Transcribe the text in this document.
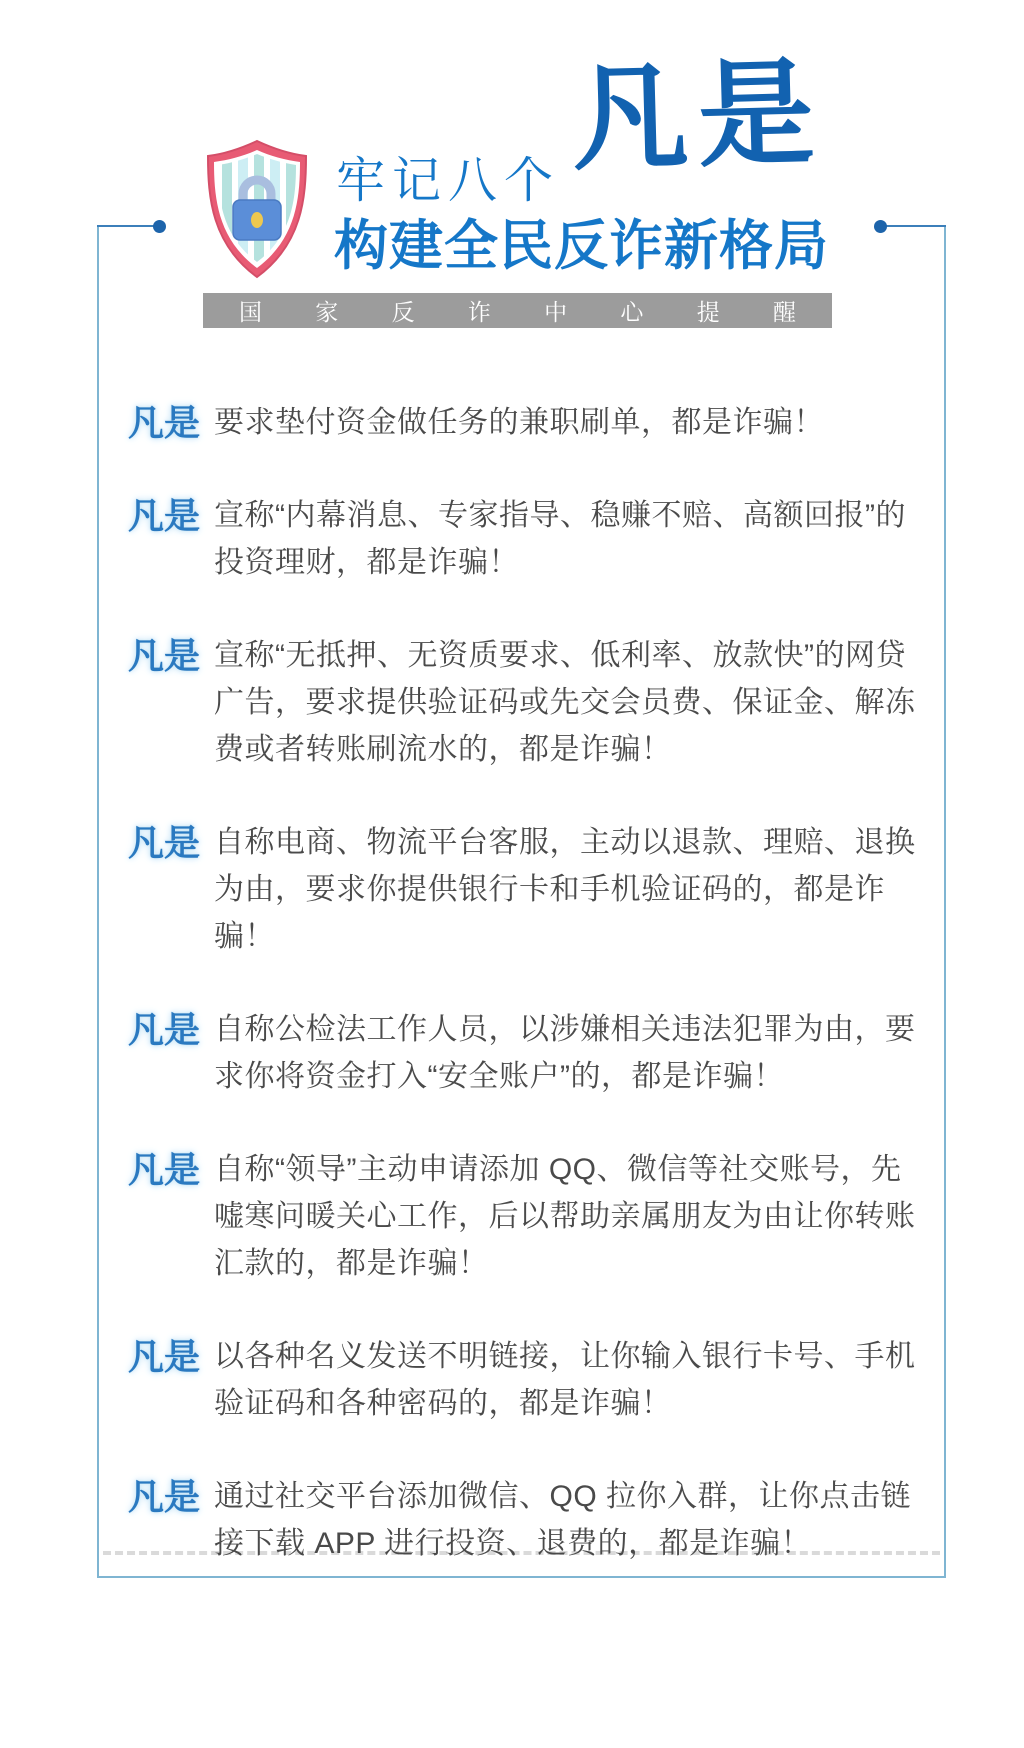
牢记八个 凡是
构建全民反诈新格局
国家反诈中心提醒
凡是 要求垫付资金做任务的兼职刷单，都是诈骗！

凡是 宣称“内幕消息、专家指导、稳赚不赔、高额回报”的投资理财，都是诈骗！

凡是 宣称“无抵押、无资质要求、低利率、放款快”的网贷广告，要求提供验证码或先交会员费、保证金、解冻费或者转账刷流水的，都是诈骗！

凡是 自称电商、物流平台客服，主动以退款、理赔、退换为由，要求你提供银行卡和手机验证码的，都是诈骗！

凡是 自称公检法工作人员，以涉嫌相关违法犯罪为由，要求你将资金打入“安全账户”的，都是诈骗！

凡是 自称“领导”主动申请添加 QQ、微信等社交账号，先嘘寒问暖关心工作，后以帮助亲属朋友为由让你转账汇款的，都是诈骗！

凡是 以各种名义发送不明链接，让你输入银行卡号、手机验证码和各种密码的，都是诈骗！

凡是 通过社交平台添加微信、QQ 拉你入群，让你点击链接下载 APP 进行投资、退费的，都是诈骗！
